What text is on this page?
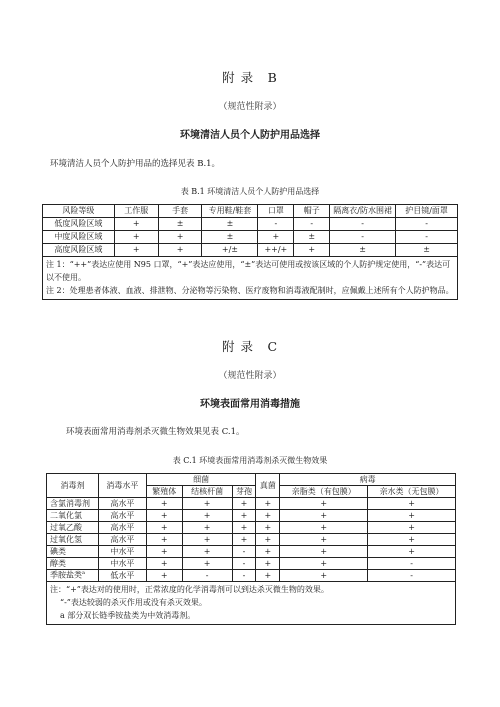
附 录　B
（规范性附录）
环境清洁人员个人防护用品选择
环境清洁人员个人防护用品的选择见表 B.1。
表 B.1 环境清洁人员个人防护用品选择
风险等级	工作服	手套	专用鞋/鞋套	口罩	帽子	隔离衣/防水围裙	护目镜/面罩
低度风险区域	+	±	±	-	-	-	-
中度风险区域	+	+	±	+	±	-	-
高度风险区域	+	+	+/±	++/+	+	±	±

注 1：“++”表达应使用 N95 口罩，“+”表达应使用，“±”表达可使用或按该区域的个人防护规定使用，“-”表达可以不使用。
注 2：处理患者体液、血液、排泄物、分泌物等污染物、医疗废物和消毒液配制时，应佩戴上述所有个人防护物品。							
附 录　C
（规范性附录）
环境表面常用消毒措施
环境表面常用消毒剂杀灭微生物效果见表 C.1。
表 C.1 环境表面常用消毒剂杀灭微生物效果
消毒剂	消毒水平	细菌			真菌	病毒	
		繁殖体	结核杆菌	芽孢		亲脂类（有包膜）	亲水类（无包膜）
含氯消毒剂	高水平	+	+	+	+	+	+
二氧化氯	高水平	+	+	+	+	+	+
过氧乙酸	高水平	+	+	+	+	+	+
过氧化氢	高水平	+	+	+	+	+	+
碘类	中水平	+	+	-	+	+	+
醇类	中水平	+	+	-	+	+	-
季胺盐类$^a$	低水平	+	-	-	+	+	-

注：“+”表达对的使用时，正常浓度的化学消毒剂可以到达杀灭微生物的效果。
“-”表达较弱的杀灭作用或没有杀灭效果。
a 部分双长链季铵盐类为中效消毒剂。							
